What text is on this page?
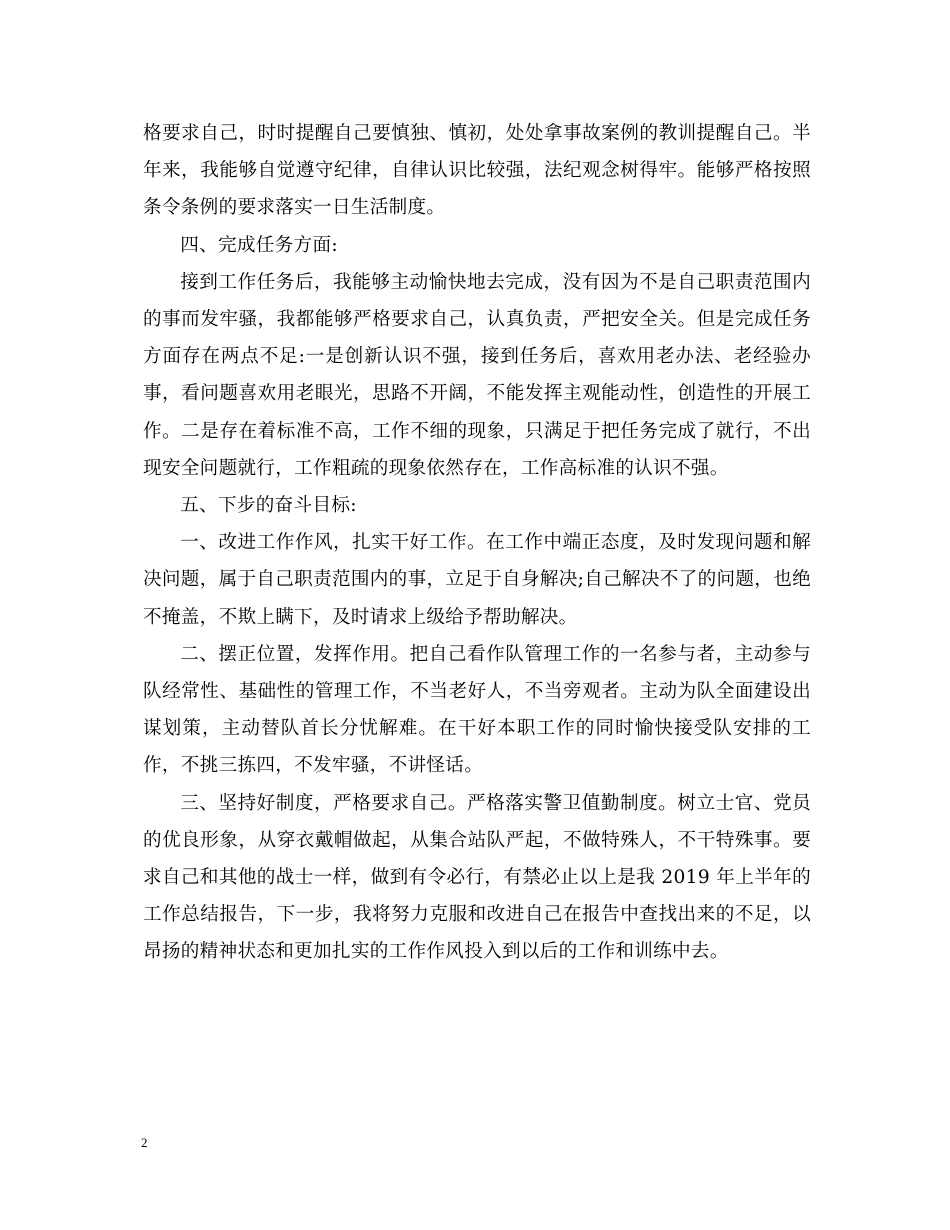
格要求自己，时时提醒自己要慎独、慎初，处处拿事故案例的教训提醒自己。半年来，我能够自觉遵守纪律，自律认识比较强，法纪观念树得牢。能够严格按照条令条例的要求落实一日生活制度。

四、完成任务方面:

接到工作任务后，我能够主动愉快地去完成，没有因为不是自己职责范围内的事而发牢骚，我都能够严格要求自己，认真负责，严把安全关。但是完成任务方面存在两点不足:一是创新认识不强，接到任务后，喜欢用老办法、老经验办事，看问题喜欢用老眼光，思路不开阔，不能发挥主观能动性，创造性的开展工作。二是存在着标准不高，工作不细的现象，只满足于把任务完成了就行，不出现安全问题就行，工作粗疏的现象依然存在，工作高标准的认识不强。

五、下步的奋斗目标:

一、改进工作作风，扎实干好工作。在工作中端正态度，及时发现问题和解决问题，属于自己职责范围内的事，立足于自身解决;自己解决不了的问题，也绝不掩盖，不欺上瞒下，及时请求上级给予帮助解决。

二、摆正位置，发挥作用。把自己看作队管理工作的一名参与者，主动参与队经常性、基础性的管理工作，不当老好人，不当旁观者。主动为队全面建设出谋划策，主动替队首长分忧解难。在干好本职工作的同时愉快接受队安排的工作，不挑三拣四，不发牢骚，不讲怪话。

三、坚持好制度，严格要求自己。严格落实警卫值勤制度。树立士官、党员的优良形象，从穿衣戴帽做起，从集合站队严起，不做特殊人，不干特殊事。要求自己和其他的战士一样，做到有令必行，有禁必止以上是我 2019 年上半年的工作总结报告，下一步，我将努力克服和改进自己在报告中查找出来的不足，以昂扬的精神状态和更加扎实的工作作风投入到以后的工作和训练中去。

2
